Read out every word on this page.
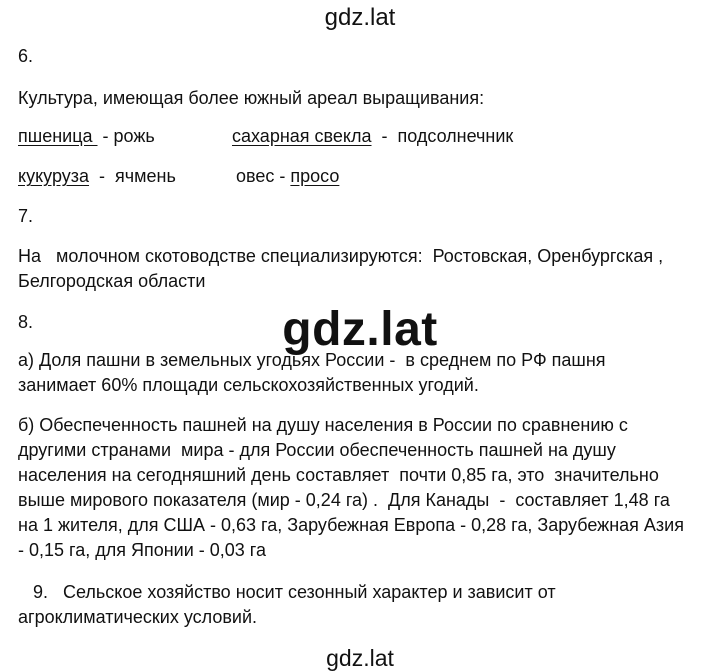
gdz.lat
6.
Культура, имеющая более южный ареал выращивания:
пшеница  - рожь	сахарная свекла  -  подсолнечник
кукуруза  -  ячмень	овес - просо
7.
На   молочном скотоводстве специализируются:  Ростовская, Оренбургская ,
Белгородская области
8.	gdz.lat
а) Доля пашни в земельных угодьях России -  в среднем по РФ пашня
занимает 60% площади сельскохозяйственных угодий.
б) Обеспеченность пашней на душу населения в России по сравнению с
другими странами  мира - для России обеспеченность пашней на душу
населения на сегодняшний день составляет  почти 0,85 га, это  значительно
выше мирового показателя (мир - 0,24 га) .  Для Канады  -  составляет 1,48 га
на 1 жителя, для США - 0,63 га, Зарубежная Европа - 0,28 га, Зарубежная Азия
- 0,15 га, для Японии - 0,03 га
9.   Сельское хозяйство носит сезонный характер и зависит от
агроклиматических условий.
gdz.lat
